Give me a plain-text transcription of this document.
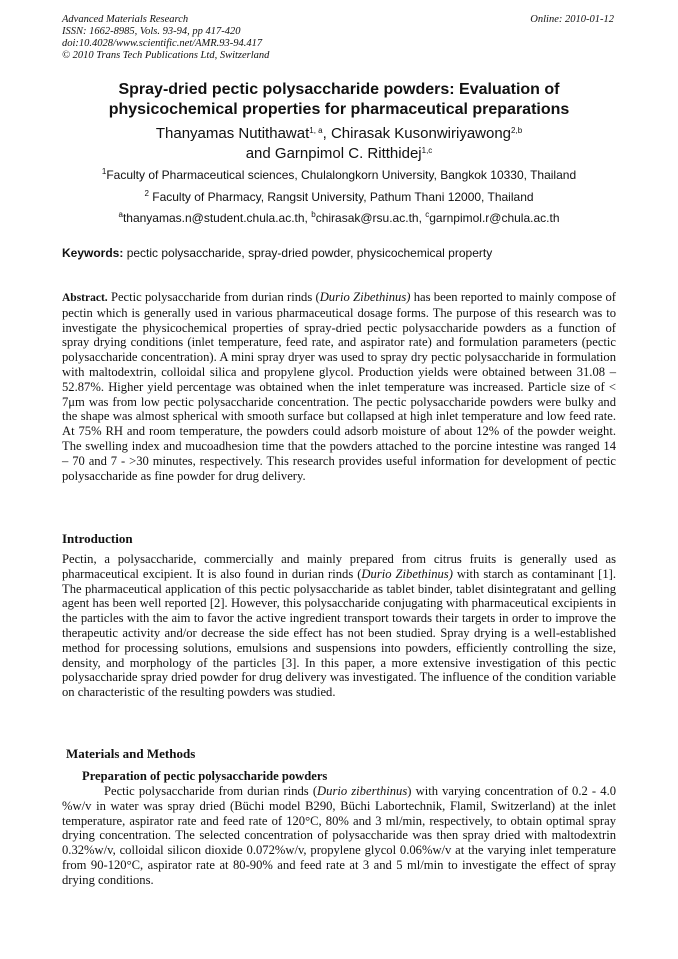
Advanced Materials Research
ISSN: 1662-8985, Vols. 93-94, pp 417-420
doi:10.4028/www.scientific.net/AMR.93-94.417
© 2010 Trans Tech Publications Ltd, Switzerland
Online: 2010-01-12
Spray-dried pectic polysaccharide powders: Evaluation of
physicochemical properties for pharmaceutical preparations
Thanyamas Nutithawat$^{1, a}$, Chirasak Kusonwiriyawong$^{2,b}$
and Garnpimol C. Ritthidej$^{1,c}$
$^1$Faculty of Pharmaceutical sciences, Chulalongkorn University, Bangkok 10330, Thailand
$^2$ Faculty of Pharmacy, Rangsit University, Pathum Thani 12000, Thailand
$^a$thanyamas.n@student.chula.ac.th, $^b$chirasak@rsu.ac.th, $^c$garnpimol.r@chula.ac.th
Keywords: pectic polysaccharide, spray-dried powder, physicochemical property
Abstract. Pectic polysaccharide from durian rinds (Durio Zibethinus) has been reported to mainly compose of pectin which is generally used in various pharmaceutical dosage forms. The purpose of this research was to investigate the physicochemical properties of spray-dried pectic polysaccharide powders as a function of spray drying conditions (inlet temperature, feed rate, and aspirator rate) and formulation parameters (pectic polysaccharide concentration). A mini spray dryer was used to spray dry pectic polysaccharide in formulation with maltodextrin, colloidal silica and propylene glycol. Production yields were obtained between 31.08 – 52.87%. Higher yield percentage was obtained when the inlet temperature was increased. Particle size of < 7μm was from low pectic polysaccharide concentration. The pectic polysaccharide powders were bulky and the shape was almost spherical with smooth surface but collapsed at high inlet temperature and low feed rate. At 75% RH and room temperature, the powders could adsorb moisture of about 12% of the powder weight. The swelling index and mucoadhesion time that the powders attached to the porcine intestine was ranged 14 – 70 and 7 - >30 minutes, respectively. This research provides useful information for development of pectic polysaccharide as fine powder for drug delivery.
Introduction
Pectin, a polysaccharide, commercially and mainly prepared from citrus fruits is generally used as pharmaceutical excipient. It is also found in durian rinds (Durio Zibethinus) with starch as contaminant [1]. The pharmaceutical application of this pectic polysaccharide as tablet binder, tablet disintegratant and gelling agent has been well reported [2]. However, this polysaccharide conjugating with pharmaceutical excipients in the particles with the aim to favor the active ingredient transport towards their targets in order to improve the therapeutic activity and/or decrease the side effect has not been studied. Spray drying is a well-established method for processing solutions, emulsions and suspensions into powders, efficiently controlling the size, density, and morphology of the particles [3]. In this paper, a more extensive investigation of this pectic polysaccharide spray dried powder for drug delivery was investigated. The influence of the condition variable on characteristic of the resulting powders was studied.
Materials and Methods
Preparation of pectic polysaccharide powders
Pectic polysaccharide from durian rinds (Durio ziberthinus) with varying concentration of 0.2 - 4.0 %w/v in water was spray dried (Büchi model B290, Büchi Labortechnik, Flamil, Switzerland) at the inlet temperature, aspirator rate and feed rate of 120°C, 80% and 3 ml/min, respectively, to obtain optimal spray drying concentration. The selected concentration of polysaccharide was then spray dried with maltodextrin 0.32%w/v, colloidal silicon dioxide 0.072%w/v, propylene glycol 0.06%w/v at the varying inlet temperature from 90-120°C, aspirator rate at 80-90% and feed rate at 3 and 5 ml/min to investigate the effect of spray drying conditions.
